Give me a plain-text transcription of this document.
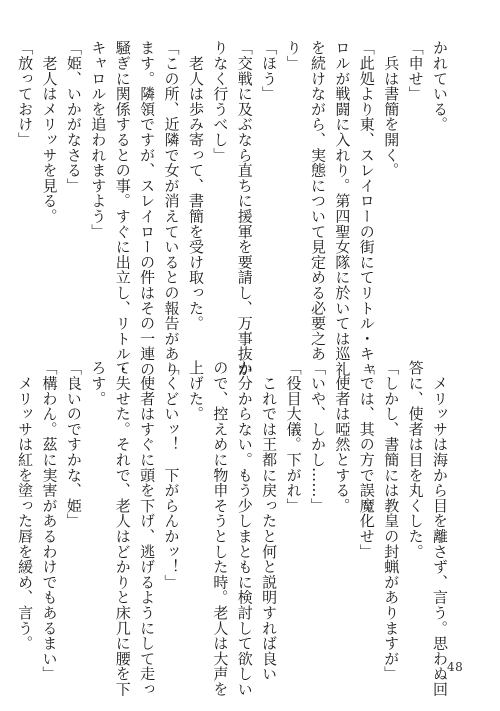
かれている。
「申せ」
　兵は書簡を開く。
「此処より東、スレイローの街にてリトル・キャ
ロルが戦闘に入れり。第四聖女隊に於いては巡礼
を続けながら、実態について見定める必要之あ
り」
「ほう」
「交戦に及ぶなら直ちに援軍を要請し、万事抜か
りなく行うべし」
　老人は歩み寄って、書簡を受け取った。
「この所、近隣で女が消えているとの報告があり
ます。隣領ですが、スレイローの件はその一連の
騒ぎに関係するとの事。すぐに出立し、リトル・
キャロルを追われますよう」
「姫、いかがなさる」
　老人はメリッサを見る。
「放っておけ」
　メリッサは海から目を離さず、言う。思わぬ回
答に、使者は目を丸くした。
「しかし、書簡には教皇の封蝋がありますが」
「では、其の方で誤魔化せ」
　使者は啞然とする。
「いや、しかし……」
「役目大儀。下がれ」
　これでは王都に戻ったと何と説明すれば良い
か分からない。もう少しまともに検討して欲しい
ので、控えめに物申そうとした時。老人は大声を
上げた。
「くどいッ！　下がらんかッ！」
　使者はすぐに頭を下げ、逃げるようにして走っ
て失せた。それで、老人はどかりと床几に腰を下
ろす。
「良いのですかな、姫」
「構わん。茲に実害があるわけでもあるまい」
　メリッサは紅を塗った唇を緩め、言う。
48
